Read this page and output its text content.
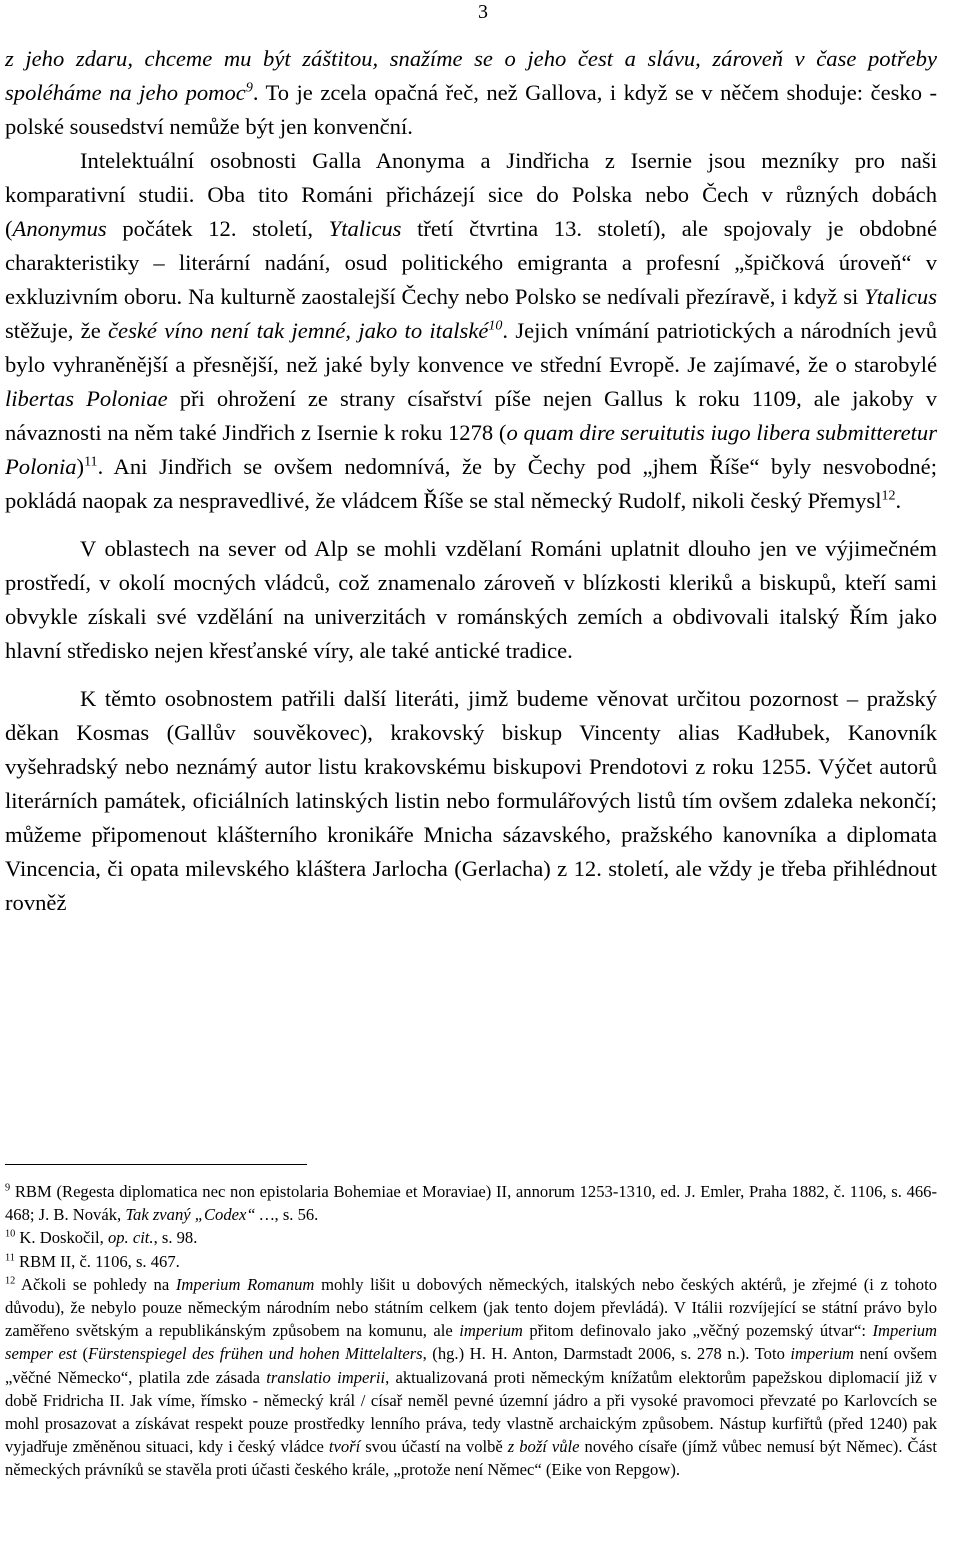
3

z jeho zdaru, chceme mu být záštitou, snažíme se o jeho čest a slávu, zároveň v čase potřeby spoléháme na jeho pomoc$^9$. To je zcela opačná řeč, než Gallova, i když se v něčem shoduje: česko - polské sousedství nemůže být jen konvenční.

Intelektuální osobnosti Galla Anonyma a Jindřicha z Isernie jsou mezníky pro naši komparativní studii. Oba tito Románi přicházejí sice do Polska nebo Čech v různých dobách (Anonymus počátek 12. století, Ytalicus třetí čtvrtina 13. století), ale spojovaly je obdobné charakteristiky – literární nadání, osud politického emigranta a profesní „špičková úroveň“ v exkluzivním oboru. Na kulturně zaostalejší Čechy nebo Polsko se nedívali přezíravě, i když si Ytalicus stěžuje, že české víno není tak jemné, jako to italské$^{10}$. Jejich vnímání patriotických a národních jevů bylo vyhraněnější a přesnější, než jaké byly konvence ve střední Evropě. Je zajímavé, že o starobylé libertas Poloniae při ohrožení ze strany císařství píše nejen Gallus k roku 1109, ale jakoby v návaznosti na něm také Jindřich z Isernie k roku 1278 (o quam dire seruitutis iugo libera submitteretur Polonia)$^{11}$. Ani Jindřich se ovšem nedomnívá, že by Čechy pod „jhem Říše“ byly nesvobodné; pokládá naopak za nespravedlivé, že vládcem Říše se stal německý Rudolf, nikoli český Přemysl$^{12}$.

V oblastech na sever od Alp se mohli vzdělaní Románi uplatnit dlouho jen ve výjimečném prostředí, v okolí mocných vládců, což znamenalo zároveň v blízkosti kleriků a biskupů, kteří sami obvykle získali své vzdělání na univerzitách v románských zemích a obdivovali italský Řím jako hlavní středisko nejen křesťanské víry, ale také antické tradice.

K těmto osobnostem patřili další literáti, jimž budeme věnovat určitou pozornost – pražský děkan Kosmas (Gallův souvěkovec), krakovský biskup Vincenty alias Kadłubek, Kanovník vyšehradský nebo neznámý autor listu krakovskému biskupovi Prendotovi z roku 1255. Výčet autorů literárních památek, oficiálních latinských listin nebo formulářových listů tím ovšem zdaleka nekončí; můžeme připomenout klášterního kronikáře Mnicha sázavského, pražského kanovníka a diplomata Vincencia, či opata milevského kláštera Jarlocha (Gerlacha) z 12. století, ale vždy je třeba přihlédnout rovněž

$^9$ RBM (Regesta diplomatica nec non epistolaria Bohemiae et Moraviae) II, annorum 1253-1310, ed. J. Emler, Praha 1882, č. 1106, s. 466-468; J. B. Novák, Tak zvaný „Codex“ …, s. 56.

$^{10}$ K. Doskočil, op. cit., s. 98.

$^{11}$ RBM II, č. 1106, s. 467.

$^{12}$ Ačkoli se pohledy na Imperium Romanum mohly lišit u dobových německých, italských nebo českých aktérů, je zřejmé (i z tohoto důvodu), že nebylo pouze německým národním nebo státním celkem (jak tento dojem převládá). V Itálii rozvíjející se státní právo bylo zaměřeno světským a republikánským způsobem na komunu, ale imperium přitom definovalo jako „věčný pozemský útvar“: Imperium semper est (Fürstenspiegel des frühen und hohen Mittelalters, (hg.) H. H. Anton, Darmstadt 2006, s. 278 n.). Toto imperium není ovšem „věčné Německo“, platila zde zásada translatio imperii, aktualizovaná proti německým knížatům elektorům papežskou diplomacií již v době Fridricha II. Jak víme, římsko - německý král / císař neměl pevné územní jádro a při vysoké pravomoci převzaté po Karlovcích se mohl prosazovat a získávat respekt pouze prostředky lenního práva, tedy vlastně archaickým způsobem. Nástup kurfiřtů (před 1240) pak vyjadřuje změněnou situaci, kdy i český vládce tvoří svou účastí na volbě z boží vůle nového císaře (jímž vůbec nemusí být Němec). Část německých právníků se stavěla proti účasti českého krále, „protože není Němec“ (Eike von Repgow).
